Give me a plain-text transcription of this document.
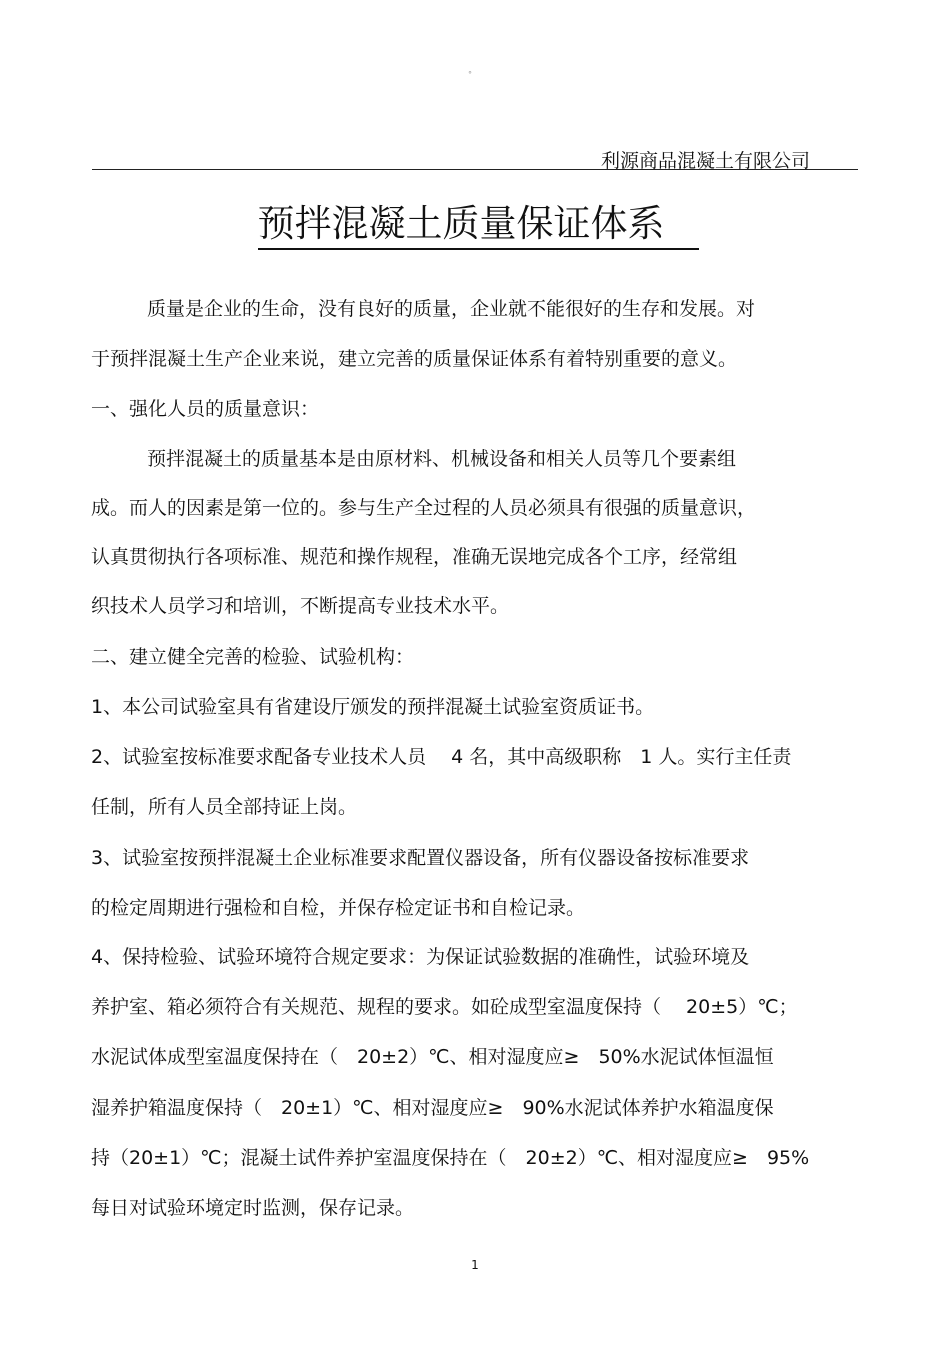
°
利源商品混凝土有限公司
预拌混凝土质量保证体系
质量是企业的生命，没有良好的质量，企业就不能很好的生存和发展。对
于预拌混凝土生产企业来说，建立完善的质量保证体系有着特别重要的意义。
一、强化人员的质量意识：
预拌混凝土的质量基本是由原材料、机械设备和相关人员等几个要素组
成。而人的因素是第一位的。参与生产全过程的人员必须具有很强的质量意识，
认真贯彻执行各项标准、规范和操作规程，准确无误地完成各个工序，经常组
织技术人员学习和培训，不断提高专业技术水平。
二、建立健全完善的检验、试验机构：
1、本公司试验室具有省建设厅颁发的预拌混凝土试验室资质证书。
2、试验室按标准要求配备专业技术人员　 4 名，其中高级职称　1 人。实行主任责
任制，所有人员全部持证上岗。
3、试验室按预拌混凝土企业标准要求配置仪器设备，所有仪器设备按标准要求
的检定周期进行强检和自检，并保存检定证书和自检记录。
4、保持检验、试验环境符合规定要求：为保证试验数据的准确性，试验环境及
养护室、箱必须符合有关规范、规程的要求。如砼成型室温度保持（　 20±5）℃；
水泥试体成型室温度保持在（　20±2）℃、相对湿度应≥　50%水泥试体恒温恒
湿养护箱温度保持（　20±1）℃、相对湿度应≥　90%水泥试体养护水箱温度保
持（20±1）℃；混凝土试件养护室温度保持在（　20±2）℃、相对湿度应≥　95%
每日对试验环境定时监测，保存记录。
1
